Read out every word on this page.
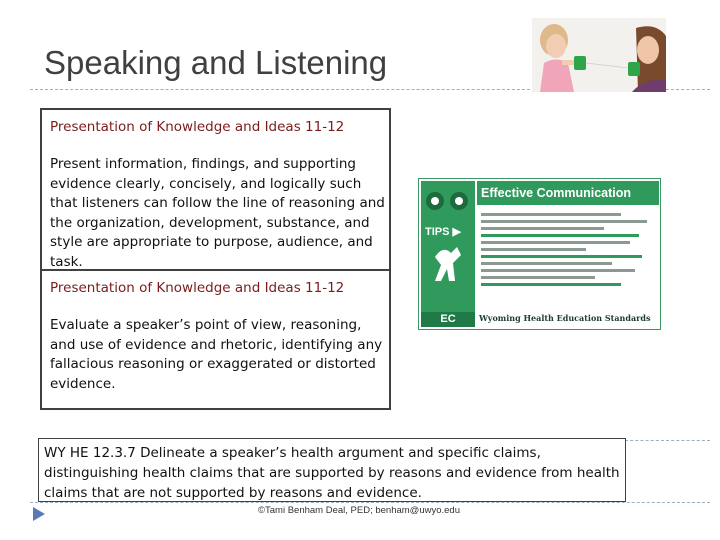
Speaking and Listening
Presentation of Knowledge and Ideas 11-12
Present information, findings, and supporting evidence clearly, concisely, and logically such that listeners can follow the line of reasoning and the organization, development, substance, and style are appropriate to purpose, audience, and task.
Presentation of Knowledge and Ideas 11-12
Evaluate a speaker’s point of view, reasoning, and use of evidence and rhetoric, identifying any fallacious reasoning or exaggerated or distorted evidence.
TIPS ▶
EC
Effective Communication
Wyoming Health Education Standards
WY HE 12.3.7 Delineate a speaker’s health argument and specific claims, distinguishing health claims that are supported by reasons and evidence from health claims that are not supported by reasons and evidence.
©Tami Benham Deal, PED; benham@uwyo.edu
